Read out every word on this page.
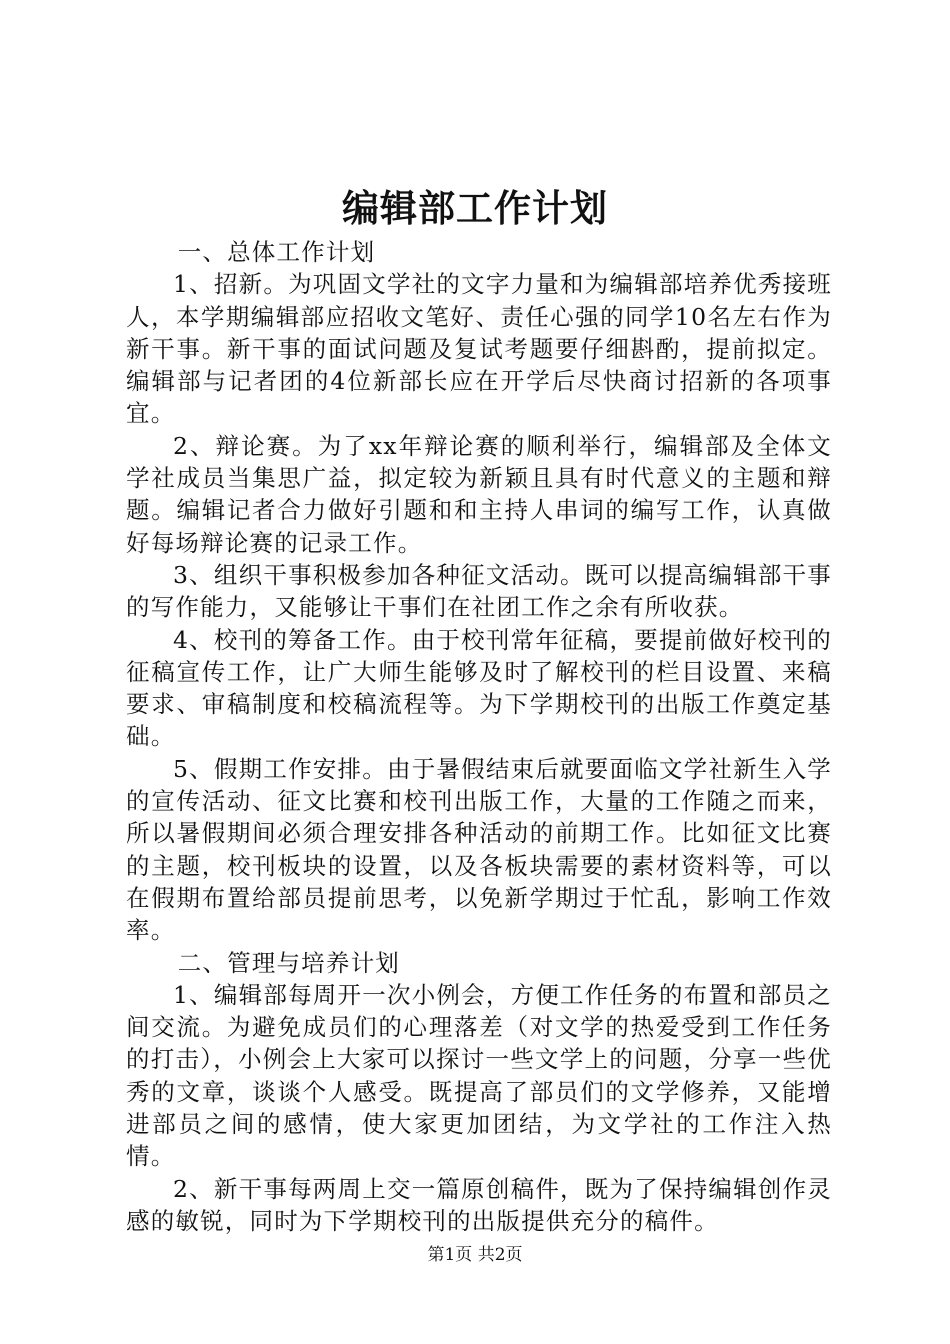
编辑部工作计划

一、总体工作计划

1、招新。为巩固文学社的文字力量和为编辑部培养优秀接班人，本学期编辑部应招收文笔好、责任心强的同学10名左右作为新干事。新干事的面试问题及复试考题要仔细斟酌，提前拟定。编辑部与记者团的4位新部长应在开学后尽快商讨招新的各项事宜。

2、辩论赛。为了xx年辩论赛的顺利举行，编辑部及全体文学社成员当集思广益，拟定较为新颖且具有时代意义的主题和辩题。编辑记者合力做好引题和和主持人串词的编写工作，认真做好每场辩论赛的记录工作。

3、组织干事积极参加各种征文活动。既可以提高编辑部干事的写作能力，又能够让干事们在社团工作之余有所收获。

4、校刊的筹备工作。由于校刊常年征稿，要提前做好校刊的征稿宣传工作，让广大师生能够及时了解校刊的栏目设置、来稿要求、审稿制度和校稿流程等。为下学期校刊的出版工作奠定基础。

5、假期工作安排。由于暑假结束后就要面临文学社新生入学的宣传活动、征文比赛和校刊出版工作，大量的工作随之而来，所以暑假期间必须合理安排各种活动的前期工作。比如征文比赛的主题，校刊板块的设置，以及各板块需要的素材资料等，可以在假期布置给部员提前思考，以免新学期过于忙乱，影响工作效率。

二、管理与培养计划

1、编辑部每周开一次小例会，方便工作任务的布置和部员之间交流。为避免成员们的心理落差（对文学的热爱受到工作任务的打击），小例会上大家可以探讨一些文学上的问题，分享一些优秀的文章，谈谈个人感受。既提高了部员们的文学修养，又能增进部员之间的感情，使大家更加团结，为文学社的工作注入热情。

2、新干事每两周上交一篇原创稿件，既为了保持编辑创作灵感的敏锐，同时为下学期校刊的出版提供充分的稿件。

第1页 共2页
